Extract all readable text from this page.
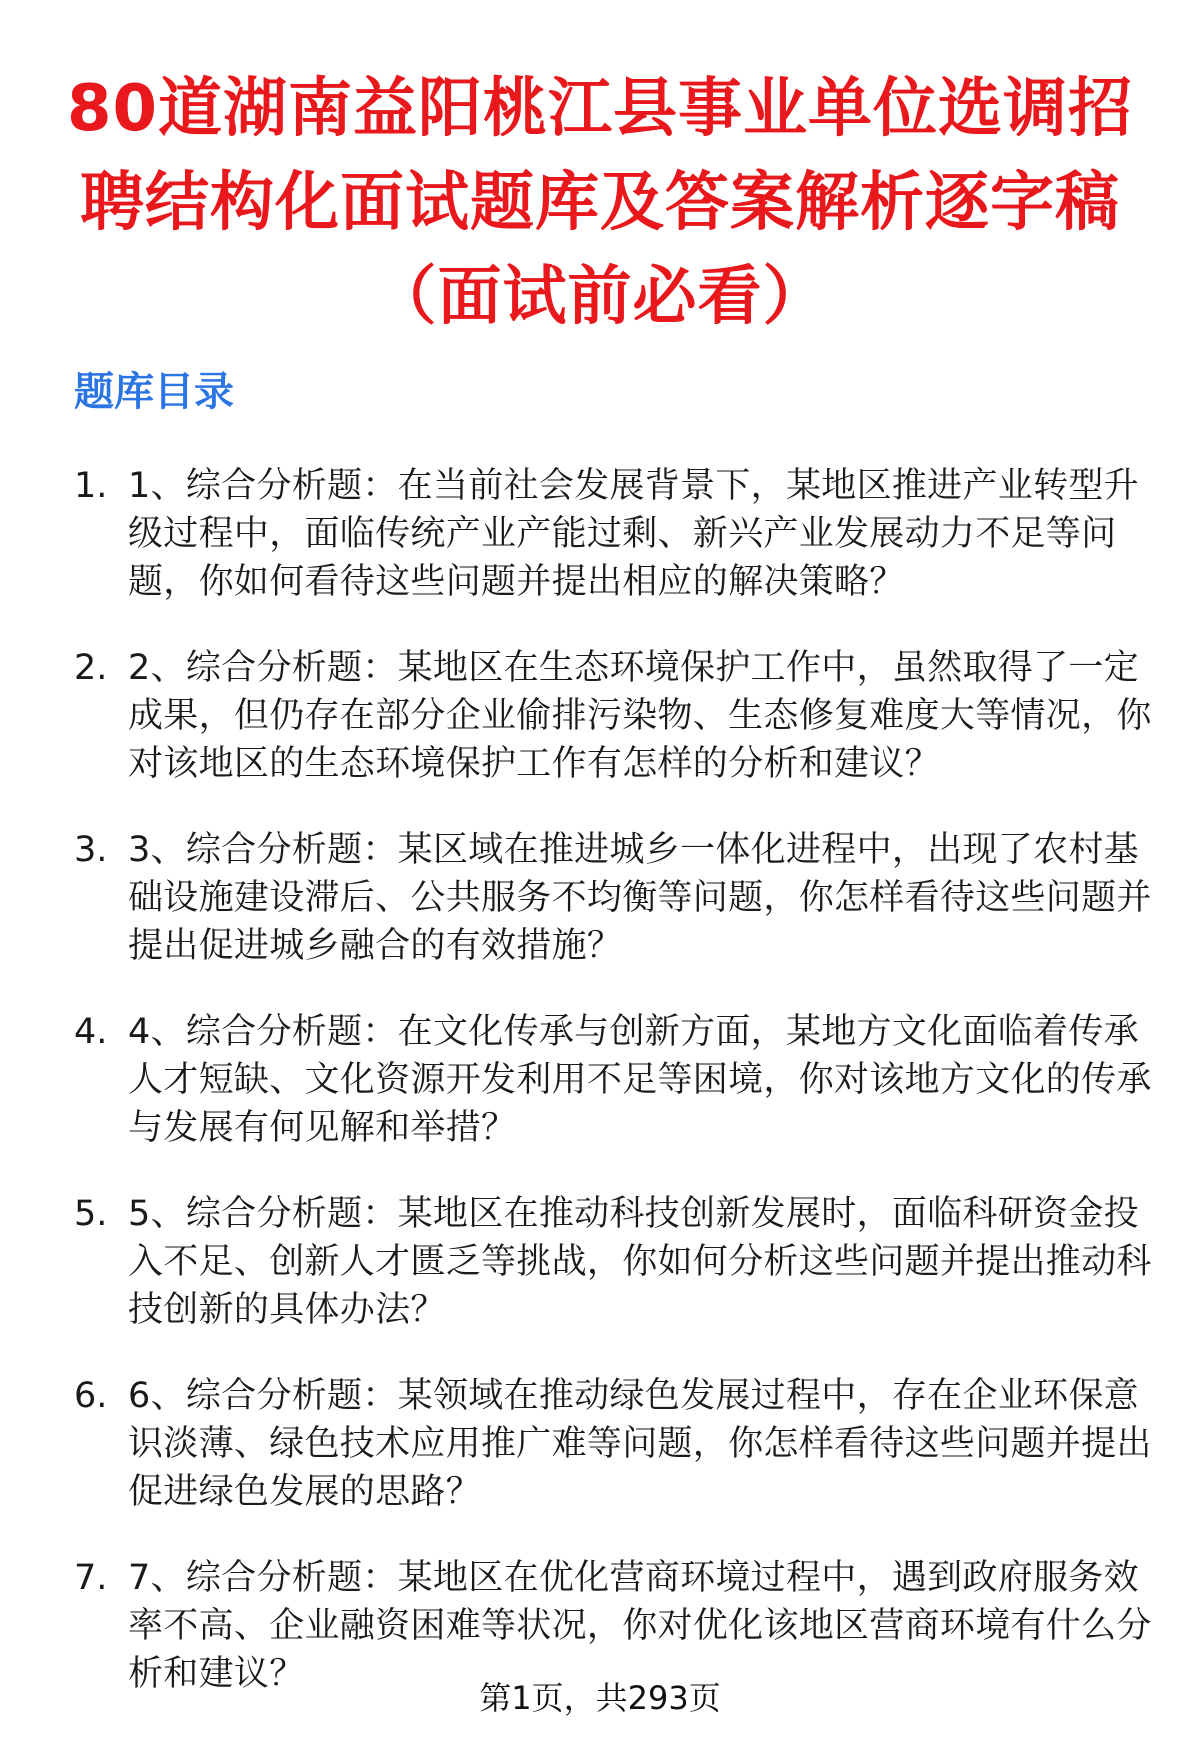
80道湖南益阳桃江县事业单位选调招聘结构化面试题库及答案解析逐字稿（面试前必看）
题库目录
1. 1、综合分析题：在当前社会发展背景下，某地区推进产业转型升级过程中，面临传统产业产能过剩、新兴产业发展动力不足等问题，你如何看待这些问题并提出相应的解决策略？
2. 2、综合分析题：某地区在生态环境保护工作中，虽然取得了一定成果，但仍存在部分企业偷排污染物、生态修复难度大等情况，你对该地区的生态环境保护工作有怎样的分析和建议？
3. 3、综合分析题：某区域在推进城乡一体化进程中，出现了农村基础设施建设滞后、公共服务不均衡等问题，你怎样看待这些问题并提出促进城乡融合的有效措施？
4. 4、综合分析题：在文化传承与创新方面，某地方文化面临着传承人才短缺、文化资源开发利用不足等困境，你对该地方文化的传承与发展有何见解和举措？
5. 5、综合分析题：某地区在推动科技创新发展时，面临科研资金投入不足、创新人才匮乏等挑战，你如何分析这些问题并提出推动科技创新的具体办法？
6. 6、综合分析题：某领域在推动绿色发展过程中，存在企业环保意识淡薄、绿色技术应用推广难等问题，你怎样看待这些问题并提出促进绿色发展的思路？
7. 7、综合分析题：某地区在优化营商环境过程中，遇到政府服务效率不高、企业融资困难等状况，你对优化该地区营商环境有什么分析和建议？
第1页，共293页
